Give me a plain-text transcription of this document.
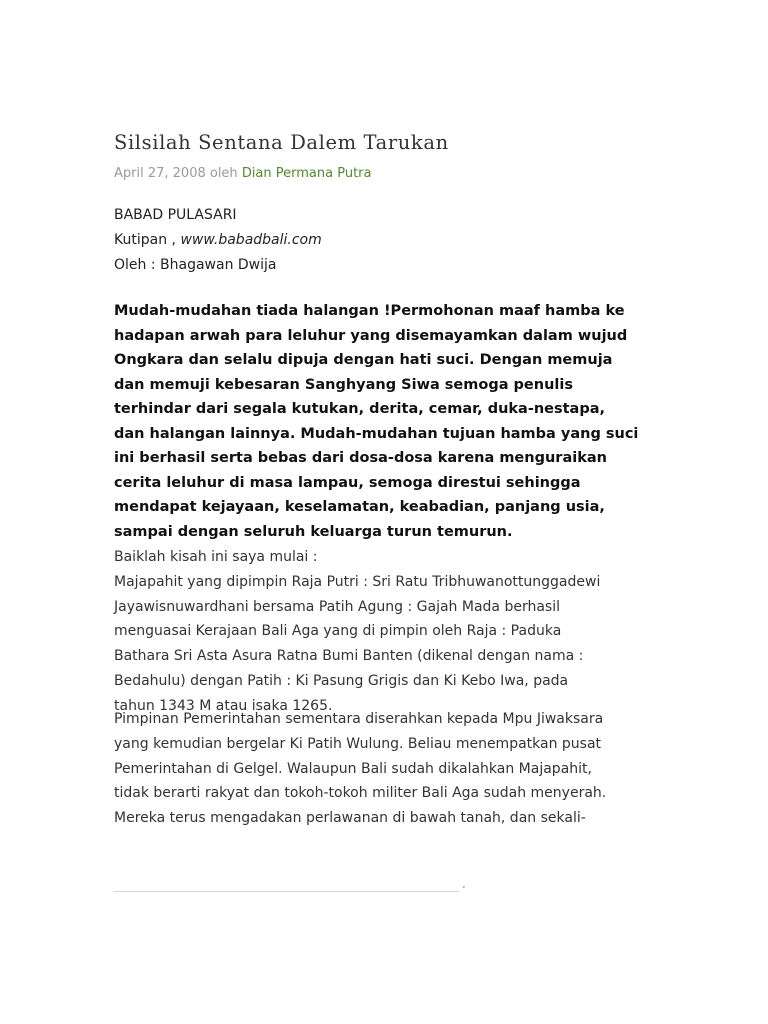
Silsilah Sentana Dalem Tarukan
April 27, 2008 oleh Dian Permana Putra
BABAD PULASARI
Kutipan , www.babadbali.com
Oleh : Bhagawan Dwija
Mudah-mudahan tiada halangan !Permohonan maaf hamba ke
hadapan arwah para leluhur yang disemayamkan dalam wujud
Ongkara dan selalu dipuja dengan hati suci. Dengan memuja
dan memuji kebesaran Sanghyang Siwa semoga penulis
terhindar dari segala kutukan, derita, cemar, duka-nestapa,
dan halangan lainnya. Mudah-mudahan tujuan hamba yang suci
ini berhasil serta bebas dari dosa-dosa karena menguraikan
cerita leluhur di masa lampau, semoga direstui sehingga
mendapat kejayaan, keselamatan, keabadian, panjang usia,
sampai dengan seluruh keluarga turun temurun.
Baiklah kisah ini saya mulai :
Majapahit yang dipimpin Raja Putri : Sri Ratu Tribhuwanottunggadewi
Jayawisnuwardhani bersama Patih Agung : Gajah Mada berhasil
menguasai Kerajaan Bali Aga yang di pimpin oleh Raja : Paduka
Bathara Sri Asta Asura Ratna Bumi Banten (dikenal dengan nama :
Bedahulu) dengan Patih : Ki Pasung Grigis dan Ki Kebo Iwa, pada
tahun 1343 M atau isaka 1265.
Pimpinan Pemerintahan sementara diserahkan kepada Mpu Jiwaksara
yang kemudian bergelar Ki Patih Wulung. Beliau menempatkan pusat
Pemerintahan di Gelgel. Walaupun Bali sudah dikalahkan Majapahit,
tidak berarti rakyat dan tokoh-tokoh militer Bali Aga sudah menyerah.
Mereka terus mengadakan perlawanan di bawah tanah, dan sekali-
_________________________________________.
